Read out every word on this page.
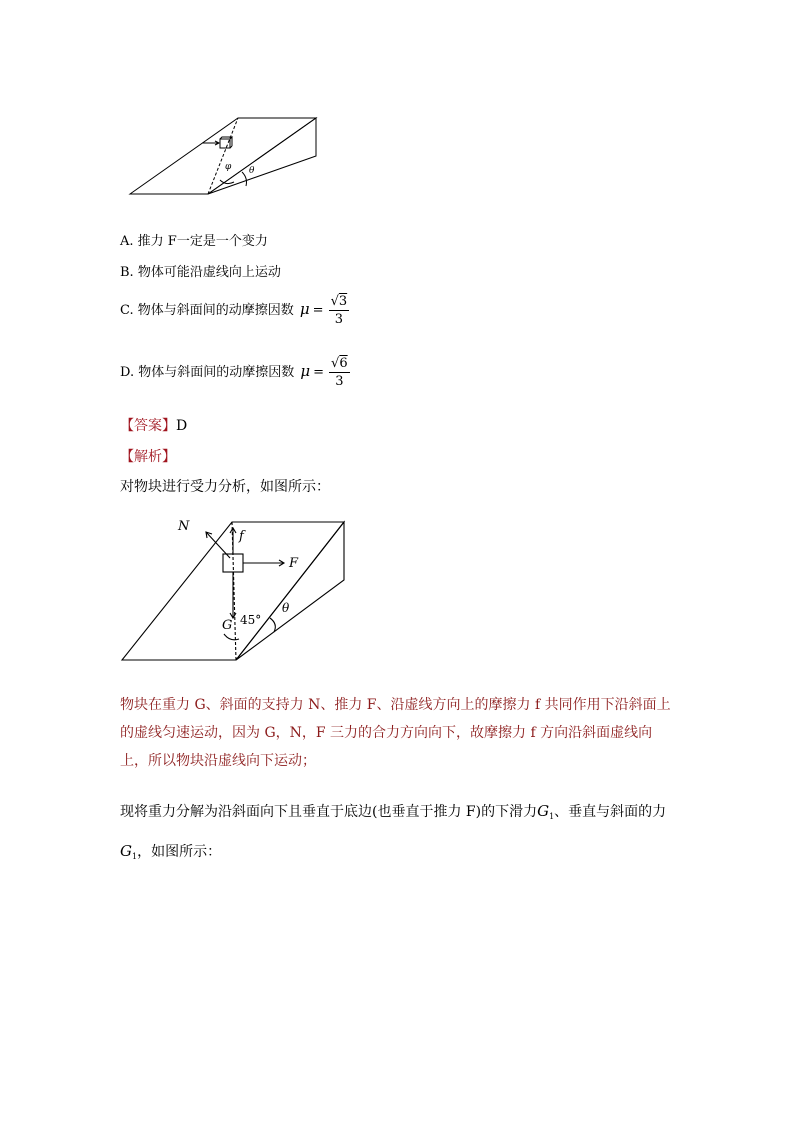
φ θ
A. 推力 F一定是一个变力
B. 物体可能沿虚线向上运动
C. 物体与斜面间的动摩擦因数 $\mu = \frac{√3}{3}$
D. 物体与斜面间的动摩擦因数 $\mu = \frac{√6}{3}$
【答案】D
【解析】
对物块进行受力分析，如图所示：
N
f
F
G 45°
θ
物块在重力 G、斜面的支持力 N、推力 F、沿虚线方向上的摩擦力 f 共同作用下沿斜面上的虚线匀速运动，因为 G，N，F 三力的合力方向向下，故摩擦力 f 方向沿斜面虚线向上，所以物块沿虚线向下运动；
现将重力分解为沿斜面向下且垂直于底边(也垂直于推力 F)的下滑力$G_1$、垂直与斜面的力
$G_1$，如图所示：
